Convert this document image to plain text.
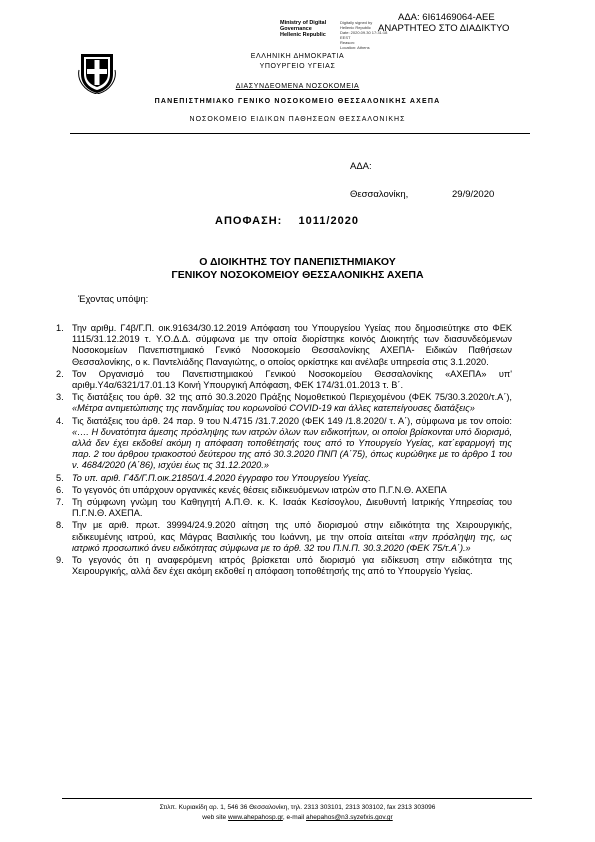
ΑΔΑ: 6Ι61469064-ΑΕΕ
ΑΝΑΡΤΗΤΕΟ ΣΤΟ ΔΙΑΔΙΚΤΥΟ
Ministry of Digital
Governance
Hellenic Republic
Digitally signed by
Hellenic Republic
Date: 2020.09.30 17:31:18
EEST
Reason:
Location: Athens
ΕΛΛΗΝΙΚΗ ΔΗΜΟΚΡΑΤΙΑ
ΥΠΟΥΡΓΕΙΟ ΥΓΕΙΑΣ
ΔΙΑΣΥΝΔΕΟΜΕΝΑ ΝΟΣΟΚΟΜΕΙΑ
ΠΑΝΕΠΙΣΤΗΜΙΑΚΟ ΓΕΝΙΚΟ ΝΟΣΟΚΟΜΕΙΟ ΘΕΣΣΑΛΟΝΙΚΗΣ ΑΧΕΠΑ
ΝΟΣΟΚΟΜΕΙΟ ΕΙΔΙΚΩΝ ΠΑΘΗΣΕΩΝ ΘΕΣΣΑΛΟΝΙΚΗΣ
ΑΔΑ:
Θεσσαλονίκη,	29/9/2020
ΑΠΟΦΑΣΗ:    1011/2020
Ο ΔΙΟΙΚΗΤΗΣ ΤΟΥ ΠΑΝΕΠΙΣΤΗΜΙΑΚΟΥ
ΓΕΝΙΚΟΥ ΝΟΣΟΚΟΜΕΙΟΥ ΘΕΣΣΑΛΟΝΙΚΗΣ ΑΧΕΠΑ
Έχοντας υπόψη:
1. Την αριθμ. Γ4β/Γ.Π. οικ.91634/30.12.2019 Απόφαση του Υπουργείου Υγείας που δημοσιεύτηκε στο ΦΕΚ 1115/31.12.2019 τ. Υ.Ο.Δ.Δ. σύμφωνα με την οποία διορίστηκε κοινός Διοικητής των διασυνδεόμενων Νοσοκομείων Πανεπιστημιακό Γενικό Νοσοκομείο Θεσσαλονίκης ΑΧΕΠΑ- Ειδικών Παθήσεων Θεσσαλονίκης, ο κ. Παντελιάδης Παναγιώτης, ο οποίος ορκίστηκε και ανέλαβε υπηρεσία στις 3.1.2020.
2. Τον Οργανισμό του Πανεπιστημιακού Γενικού Νοσοκομείου Θεσσαλονίκης «ΑΧΕΠΑ» υπ' αριθμ.Υ4α/6321/17.01.13 Κοινή Υπουργική Απόφαση, ΦΕΚ 174/31.01.2013 τ. Β΄.
3. Τις διατάξεις του άρθ. 32 της από 30.3.2020 Πράξης Νομοθετικού Περιεχομένου (ΦΕΚ 75/30.3.2020/τ.Α΄), «Μέτρα αντιμετώπισης της πανδημίας του κορωνοϊού COVID-19 και άλλες κατεπείγουσες διατάξεις»
4. Τις διατάξεις του άρθ. 24 παρ. 9 του Ν.4715 /31.7.2020 (ΦΕΚ 149 /1.8.2020/ τ. Α΄), σύμφωνα με τον οποίο: «…. Η δυνατότητα άμεσης πρόσληψης των ιατρών όλων των ειδικοτήτων, οι οποίοι βρίσκονται υπό διορισμό, αλλά δεν έχει εκδοθεί ακόμη η απόφαση τοποθέτησής τους από το Υπουργείο Υγείας, κατ΄εφαρμογή της παρ. 2 του άρθρου τριακοστού δεύτερου της από 30.3.2020 ΠΝΠ (Α΄75), όπως κυρώθηκε με το άρθρο 1 του ν. 4684/2020 (Α΄86), ισχύει έως τις 31.12.2020.»
5. Το υπ. αριθ. Γ4δ/Γ.Π.οικ.21850/1.4.2020 έγγραφο του Υπουργείου Υγείας.
6. Το γεγονός ότι υπάρχουν οργανικές κενές θέσεις ειδικευόμενων ιατρών στο Π.Γ.Ν.Θ. ΑΧΕΠΑ
7. Τη σύμφωνη γνώμη του Καθηγητή Α.Π.Θ. κ. Κ. Ισαάκ Κεσίσογλου, Διευθυντή Ιατρικής Υπηρεσίας του Π.Γ.Ν.Θ. ΑΧΕΠΑ.
8. Την με αριθ. πρωτ. 39994/24.9.2020 αίτηση της υπό διορισμού στην ειδικότητα της Χειρουργικής, ειδικευμένης ιατρού, κας Μάγρας Βασιλικής του Ιωάννη, με την οποία αιτείται «την πρόσληψη της, ως ιατρικό προσωπικό άνευ ειδικότητας σύμφωνα με το άρθ. 32 του Π.Ν.Π. 30.3.2020 (ΦΕΚ 75/τ.Α΄).»
9. Το γεγονός ότι η αναφερόμενη ιατρός βρίσκεται υπό διορισμό για ειδίκευση στην ειδικότητα της Χειρουργικής, αλλά δεν έχει ακόμη εκδοθεί η απόφαση τοποθέτησής της από το Υπουργείο Υγείας.
Στιλπ. Κυριακίδη αρ. 1, 546 36 Θεσσαλονίκη, τηλ. 2313 303101, 2313 303102, fax 2313 303096
web site www.ahepahosp.gr, e-mail ahepahos@n3.syzefxis.gov.gr
